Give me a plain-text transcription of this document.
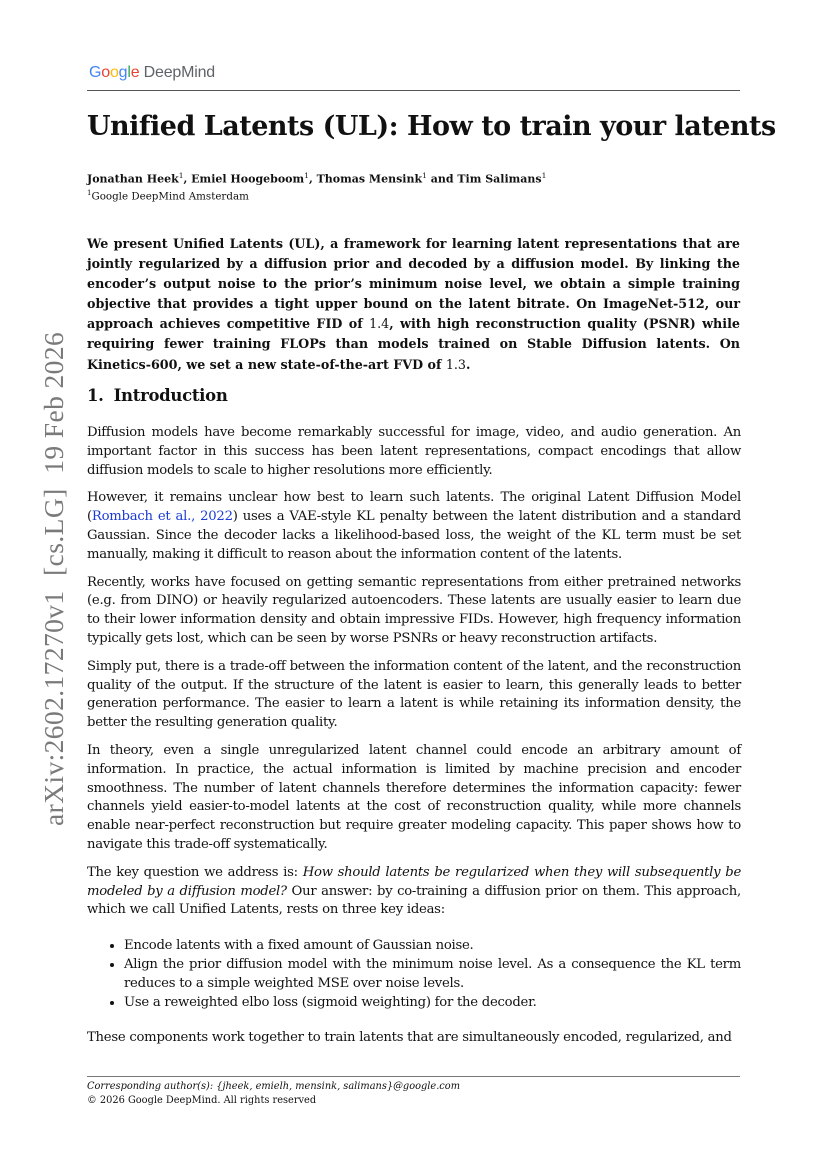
Google DeepMind
Unified Latents (UL): How to train your latents
Jonathan Heek$^1$, Emiel Hoogeboom$^1$, Thomas Mensink$^1$ and Tim Salimans$^1$
$^1$Google DeepMind Amsterdam
We present Unified Latents (UL), a framework for learning latent representations that are jointly regularized by a diffusion prior and decoded by a diffusion model. By linking the encoder’s output noise to the prior’s minimum noise level, we obtain a simple training objective that provides a tight upper bound on the latent bitrate. On ImageNet-512, our approach achieves competitive FID of 1.4, with high reconstruction quality (PSNR) while requiring fewer training FLOPs than models trained on Stable Diffusion latents. On Kinetics-600, we set a new state-of-the-art FVD of 1.3.
arXiv:2602.17270v1  [cs.LG]  19 Feb 2026 1. Introduction

Diffusion models have become remarkably successful for image, video, and audio generation. An important factor in this success has been latent representations, compact encodings that allow diffusion models to scale to higher resolutions more efficiently.

However, it remains unclear how best to learn such latents. The original Latent Diffusion Model (Rombach et al., 2022) uses a VAE-style KL penalty between the latent distribution and a standard Gaussian. Since the decoder lacks a likelihood-based loss, the weight of the KL term must be set manually, making it difficult to reason about the information content of the latents.

Recently, works have focused on getting semantic representations from either pretrained networks (e.g. from DINO) or heavily regularized autoencoders. These latents are usually easier to learn due to their lower information density and obtain impressive FIDs. However, high frequency information typically gets lost, which can be seen by worse PSNRs or heavy reconstruction artifacts.

Simply put, there is a trade-off between the information content of the latent, and the reconstruction quality of the output. If the structure of the latent is easier to learn, this generally leads to better generation performance. The easier to learn a latent is while retaining its information density, the better the resulting generation quality.

In theory, even a single unregularized latent channel could encode an arbitrary amount of information. In practice, the actual information is limited by machine precision and encoder smoothness. The number of latent channels therefore determines the information capacity: fewer channels yield easier-to-model latents at the cost of reconstruction quality, while more channels enable near-perfect reconstruction but require greater modeling capacity. This paper shows how to navigate this trade-off systematically.

The key question we address is: How should latents be regularized when they will subsequently be modeled by a diffusion model? Our answer: by co-training a diffusion prior on them. This approach, which we call Unified Latents, rests on three key ideas:

• Encode latents with a fixed amount of Gaussian noise.
• Align the prior diffusion model with the minimum noise level. As a consequence the KL term reduces to a simple weighted MSE over noise levels.
• Use a reweighted elbo loss (sigmoid weighting) for the decoder.

These components work together to train latents that are simultaneously encoded, regularized, and

Corresponding author(s): {jheek, emielh, mensink, salimans}@google.com
© 2026 Google DeepMind. All rights reserved
